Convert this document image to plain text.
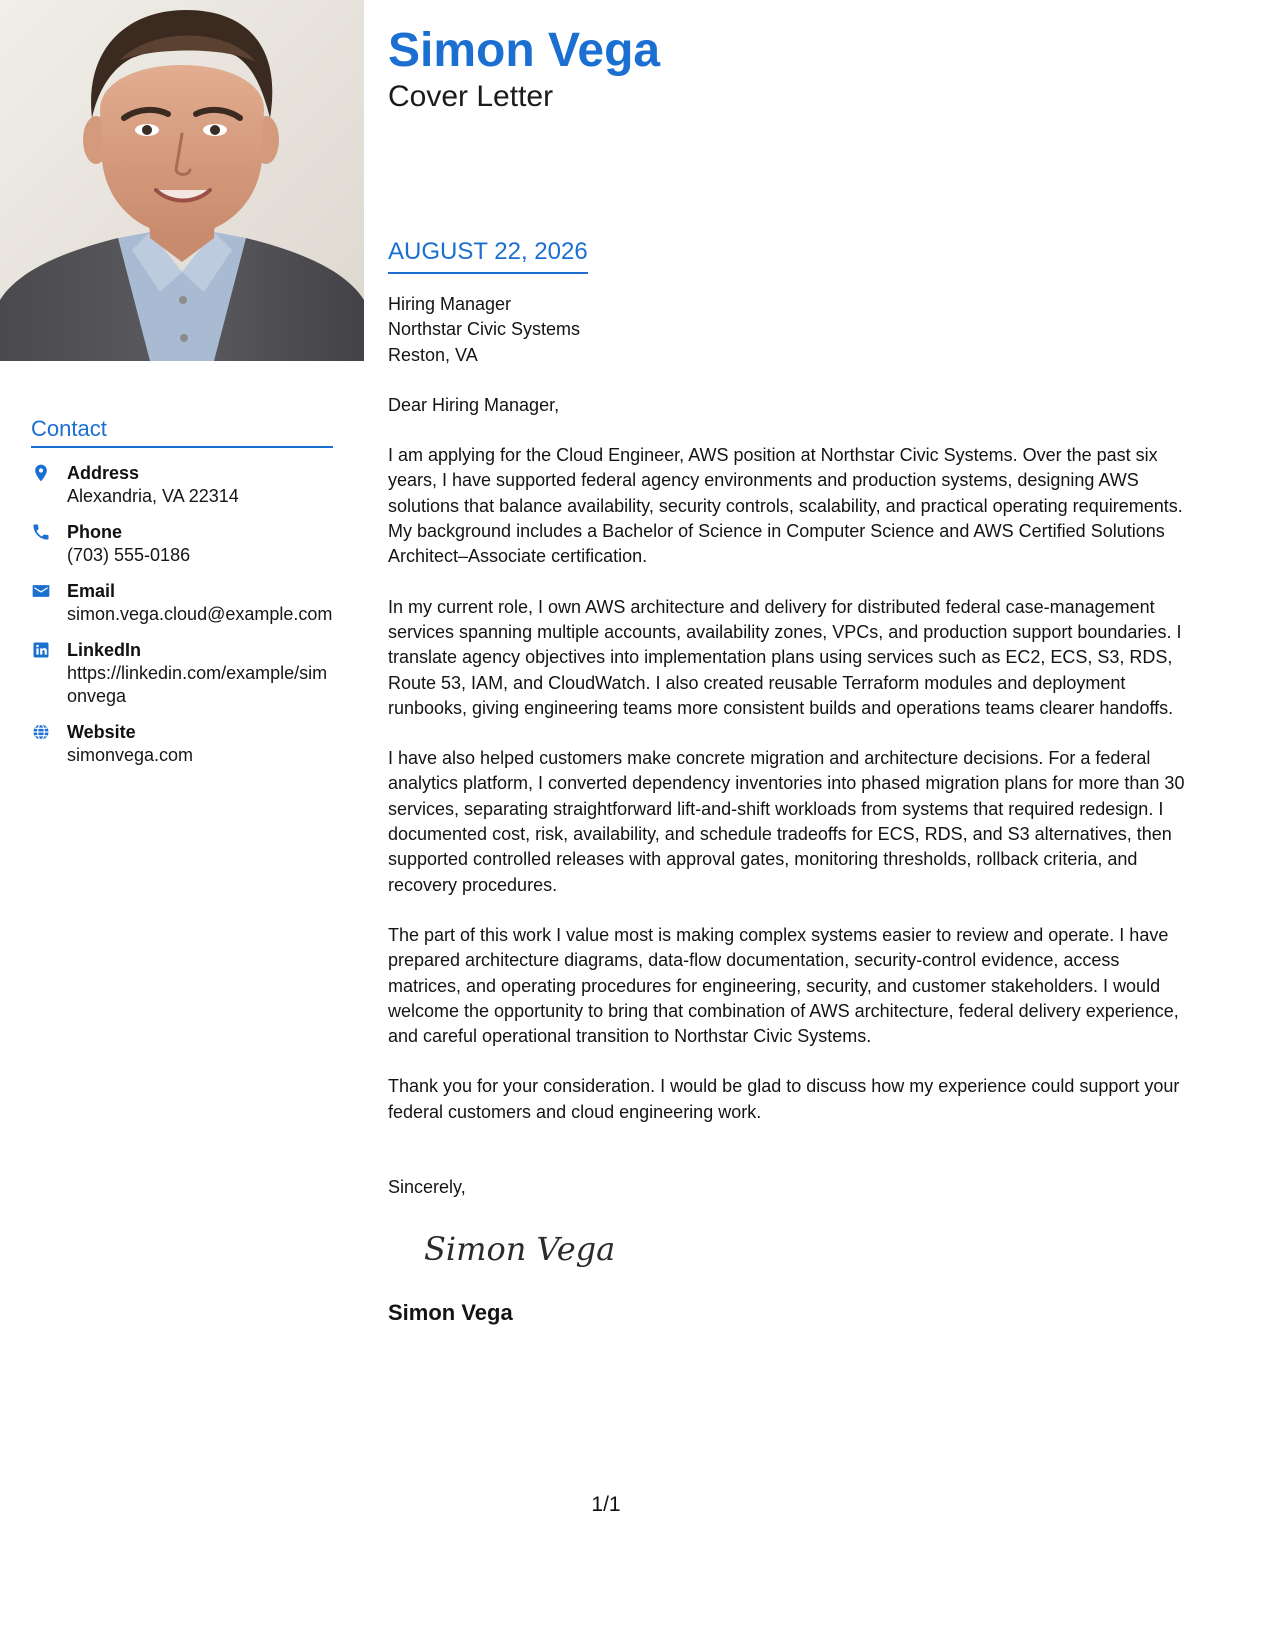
Contact
Address
Alexandria, VA 22314
Phone
(703) 555-0186
Email
simon.vega.cloud@example.com
LinkedIn
https://linkedin.com/example/simonvega
Website
simonvega.com
Simon Vega
Cover Letter
AUGUST 22, 2026
Hiring Manager
Northstar Civic Systems
Reston, VA

Dear Hiring Manager,

I am applying for the Cloud Engineer, AWS position at Northstar Civic Systems. Over the past six years, I have supported federal agency environments and production systems, designing AWS solutions that balance availability, security controls, scalability, and practical operating requirements. My background includes a Bachelor of Science in Computer Science and AWS Certified Solutions Architect–Associate certification.

In my current role, I own AWS architecture and delivery for distributed federal case-management services spanning multiple accounts, availability zones, VPCs, and production support boundaries. I translate agency objectives into implementation plans using services such as EC2, ECS, S3, RDS, Route 53, IAM, and CloudWatch. I also created reusable Terraform modules and deployment runbooks, giving engineering teams more consistent builds and operations teams clearer handoffs.

I have also helped customers make concrete migration and architecture decisions. For a federal analytics platform, I converted dependency inventories into phased migration plans for more than 30 services, separating straightforward lift-and-shift workloads from systems that required redesign. I documented cost, risk, availability, and schedule tradeoffs for ECS, RDS, and S3 alternatives, then supported controlled releases with approval gates, monitoring thresholds, rollback criteria, and recovery procedures.

The part of this work I value most is making complex systems easier to review and operate. I have prepared architecture diagrams, data-flow documentation, security-control evidence, access matrices, and operating procedures for engineering, security, and customer stakeholders. I would welcome the opportunity to bring that combination of AWS architecture, federal delivery experience, and careful operational transition to Northstar Civic Systems.

Thank you for your consideration. I would be glad to discuss how my experience could support your federal customers and cloud engineering work.

Sincerely,
Simon Vega
Simon Vega
1/1
